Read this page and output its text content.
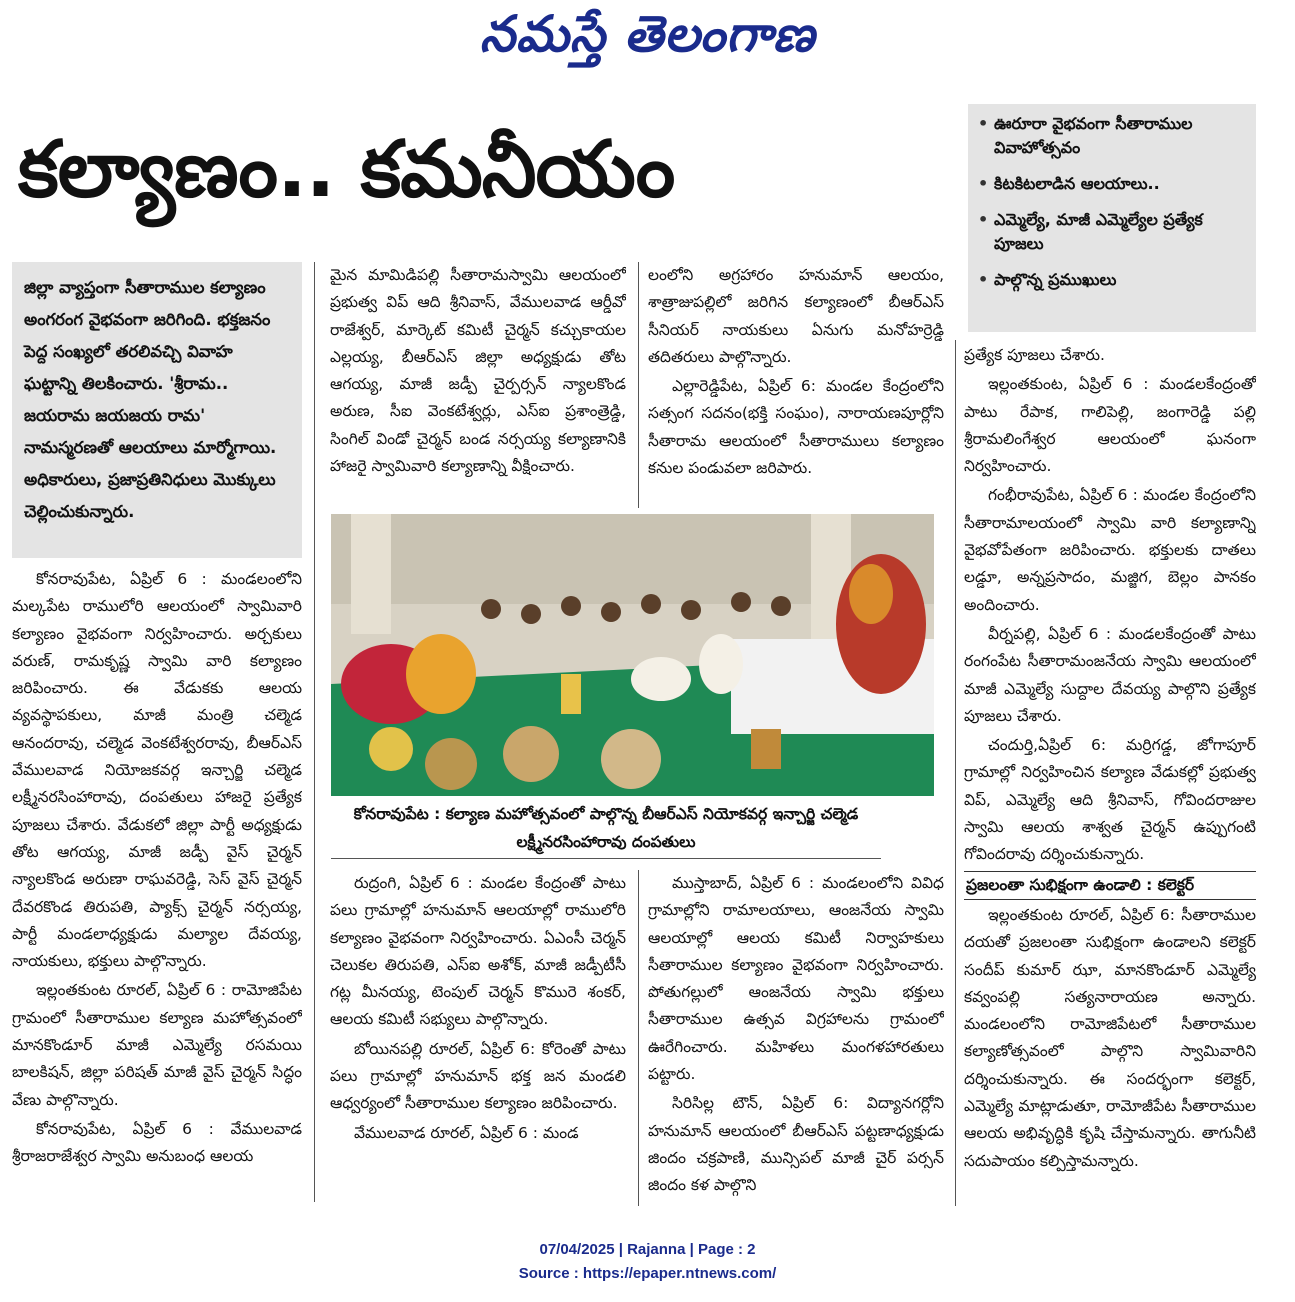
నమస్తే తెలంగాణ
కల్యాణం.. కమనీయం
• ఊరూరా వైభవంగా సీతారాముల వివాహోత్సవం
• కిటకిటలాడిన ఆలయాలు..
• ఎమ్మెల్యే, మాజీ ఎమ్మెల్యేల ప్రత్యేక పూజలు
• పాల్గొన్న ప్రముఖులు
జిల్లా వ్యాప్తంగా సీతారాముల కల్యాణం అంగరంగ వైభవంగా జరిగింది. భక్తజనం పెద్ద సంఖ్యలో తరలివచ్చి వివాహ ఘట్టాన్ని తిలకించారు. 'శ్రీరామ.. జయరామ జయజయ రామ' నామస్మరణతో ఆలయాలు మార్మోగాయి. అధికారులు, ప్రజాప్రతినిధులు మొక్కులు చెల్లించుకున్నారు.

కోనరావుపేట, ఏప్రిల్ 6 : మండలంలోని మల్కపేట రాములోరి ఆలయంలో స్వామివారి కల్యాణం వైభవంగా నిర్వహించారు. అర్చకులు వరుణ్, రామకృష్ణ స్వామి వారి కల్యాణం జరిపించారు. ఈ వేడుకకు ఆలయ వ్యవస్థాపకులు, మాజీ మంత్రి చల్మెడ ఆనందరావు, చల్మెడ వెంకటేశ్వరరావు, బీఆర్ఎస్ వేములవాడ నియోజకవర్గ ఇన్చార్జి చల్మెడ లక్ష్మీనరసింహారావు, దంపతులు హాజరై ప్రత్యేక పూజలు చేశారు. వేడుకలో జిల్లా పార్టీ అధ్యక్షుడు తోట ఆగయ్య, మాజీ జడ్పీ వైస్ చైర్మన్ న్యాలకొండ అరుణా రాఘవరెడ్డి, సెస్ వైస్ చైర్మన్ దేవరకొండ తిరుపతి, ప్యాక్స్ చైర్మన్ నర్సయ్య, పార్టీ మండలాధ్యక్షుడు మల్యాల దేవయ్య, నాయకులు, భక్తులు పాల్గొన్నారు.

ఇల్లంతకుంట రూరల్, ఏప్రిల్ 6 : రామోజిపేట గ్రామంలో సీతారాముల కల్యాణ మహోత్సవంలో మానకొండూర్ మాజీ ఎమ్మెల్యే రసమయి బాలకిషన్, జిల్లా పరిషత్ మాజీ వైస్ చైర్మన్ సిద్ధం వేణు పాల్గొన్నారు.

కోనరావుపేట, ఏప్రిల్ 6 : వేములవాడ శ్రీరాజరాజేశ్వర స్వామి అనుబంధ ఆలయ

మైన మామిడిపల్లి సీతారామస్వామి ఆలయంలో ప్రభుత్వ విప్ ఆది శ్రీనివాస్, వేములవాడ ఆర్డీవో రాజేశ్వర్, మార్కెట్ కమిటీ చైర్మన్ కచ్చుకాయల ఎల్లయ్య, బీఆర్ఎస్ జిల్లా అధ్యక్షుడు తోట ఆగయ్య, మాజీ జడ్పీ చైర్పర్సన్ న్యాలకొండ అరుణ, సీఐ వెంకటేశ్వర్లు, ఎస్ఐ ప్రశాంత్రెడ్డి, సింగిల్ విండో చైర్మన్ బండ నర్సయ్య కల్యాణానికి హాజరై స్వామివారి కల్యాణాన్ని వీక్షించారు.

లంలోని అగ్రహారం హనుమాన్ ఆలయం, శాత్రాజుపల్లిలో జరిగిన కల్యాణంలో బీఆర్ఎస్ సీనియర్ నాయకులు ఏనుగు మనోహర్రెడ్డి తదితరులు పాల్గొన్నారు.

ఎల్లారెడ్డిపేట, ఏప్రిల్ 6: మండల కేంద్రంలోని సత్సంగ సదనం(భక్తి సంఘం), నారాయణపూర్లోని సీతారామ ఆలయంలో సీతారాములు కల్యాణం కనుల పండువలా జరిపారు.

కోనరావుపేట : కల్యాణ మహోత్సవంలో పాల్గొన్న బీఆర్ఎస్ నియోకవర్గ ఇన్చార్జి చల్మెడ లక్ష్మీనరసింహారావు దంపతులు

రుద్రంగి, ఏప్రిల్ 6 : మండల కేంద్రంతో పాటు పలు గ్రామాల్లో హనుమాన్ ఆలయాల్లో రాములోరి కల్యాణం వైభవంగా నిర్వహించారు. ఏఎంసీ చెర్మన్ చెలుకల తిరుపతి, ఎస్ఐ అశోక్, మాజీ జడ్పీటీసీ గట్ల మీనయ్య, టెంపుల్ చెర్మన్ కొమురె శంకర్, ఆలయ కమిటీ సభ్యులు పాల్గొన్నారు.

బోయినపల్లి రూరల్, ఏప్రిల్ 6: కోరెంతో పాటు పలు గ్రామాల్లో హనుమాన్ భక్త జన మండలి ఆధ్వర్యంలో సీతారాముల కల్యాణం జరిపించారు.

వేములవాడ రూరల్, ఏప్రిల్ 6 : మండ

ముస్తాబాద్, ఏప్రిల్ 6 : మండలంలోని వివిధ గ్రామాల్లోని రామాలయాలు, ఆంజనేయ స్వామి ఆలయాల్లో ఆలయ కమిటీ నిర్వాహకులు సీతారాముల కల్యాణం వైభవంగా నిర్వహించారు. పోతుగల్లులో ఆంజనేయ స్వామి భక్తులు సీతారాముల ఉత్సవ విగ్రహాలను గ్రామంలో ఊరేగించారు. మహిళలు మంగళహారతులు పట్టారు.

సిరిసిల్ల టౌన్, ఏప్రిల్ 6: విద్యానగర్లోని హనుమాన్ ఆలయంలో బీఆర్ఎస్ పట్టణాధ్యక్షుడు జిందం చక్రపాణి, మున్సిపల్ మాజీ చైర్ పర్సన్ జిందం కళ పాల్గొని

ప్రత్యేక పూజలు చేశారు.

ఇల్లంతకుంట, ఏప్రిల్ 6 : మండలకేంద్రంతో పాటు రేపాక, గాలిపెల్లి, జంగారెడ్డి పల్లి శ్రీరామలింగేశ్వర ఆలయంలో ఘనంగా నిర్వహించారు.

గంభీరావుపేట, ఏప్రిల్ 6 : మండల కేంద్రంలోని సీతారామాలయంలో స్వామి వారి కల్యాణాన్ని వైభవోపేతంగా జరిపించారు. భక్తులకు దాతలు లడ్డూ, అన్నప్రసాదం, మజ్జిగ, బెల్లం పానకం అందించారు.

వీర్నపల్లి, ఏప్రిల్ 6 : మండలకేంద్రంతో పాటు రంగంపేట సీతారామంజనేయ స్వామి ఆలయంలో మాజీ ఎమ్మెల్యే సుద్దాల దేవయ్య పాల్గొని ప్రత్యేక పూజలు చేశారు.

చందుర్తి,ఏప్రిల్ 6: మర్రిగడ్డ, జోగాపూర్ గ్రామాల్లో నిర్వహించిన కల్యాణ వేడుకల్లో ప్రభుత్వ విప్, ఎమ్మెల్యే ఆది శ్రీనివాస్, గోవిందరాజుల స్వామి ఆలయ శాశ్వత చైర్మన్ ఉప్పుగంటి గోవిందరావు దర్శించుకున్నారు.

ప్రజలంతా సుభిక్షంగా ఉండాలి : కలెక్టర్

ఇల్లంతకుంట రూరల్, ఏప్రిల్ 6: సీతారాముల దయతో ప్రజలంతా సుభిక్షంగా ఉండాలని కలెక్టర్ సందీప్ కుమార్ ఝా, మానకొండూర్ ఎమ్మెల్యే కవ్వంపల్లి సత్యనారాయణ అన్నారు. మండలంలోని రామోజిపేటలో సీతారాముల కల్యాణోత్సవంలో పాల్గొని స్వామివారిని దర్శించుకున్నారు. ఈ సందర్భంగా కలెక్టర్, ఎమ్మెల్యే మాట్లాడుతూ, రామోజీపేట సీతారాముల ఆలయ అభివృద్ధికి కృషి చేస్తామన్నారు. తాగునీటి సదుపాయం కల్పిస్తామన్నారు.

07/04/2025 | Rajanna | Page : 2
Source : https://epaper.ntnews.com/
